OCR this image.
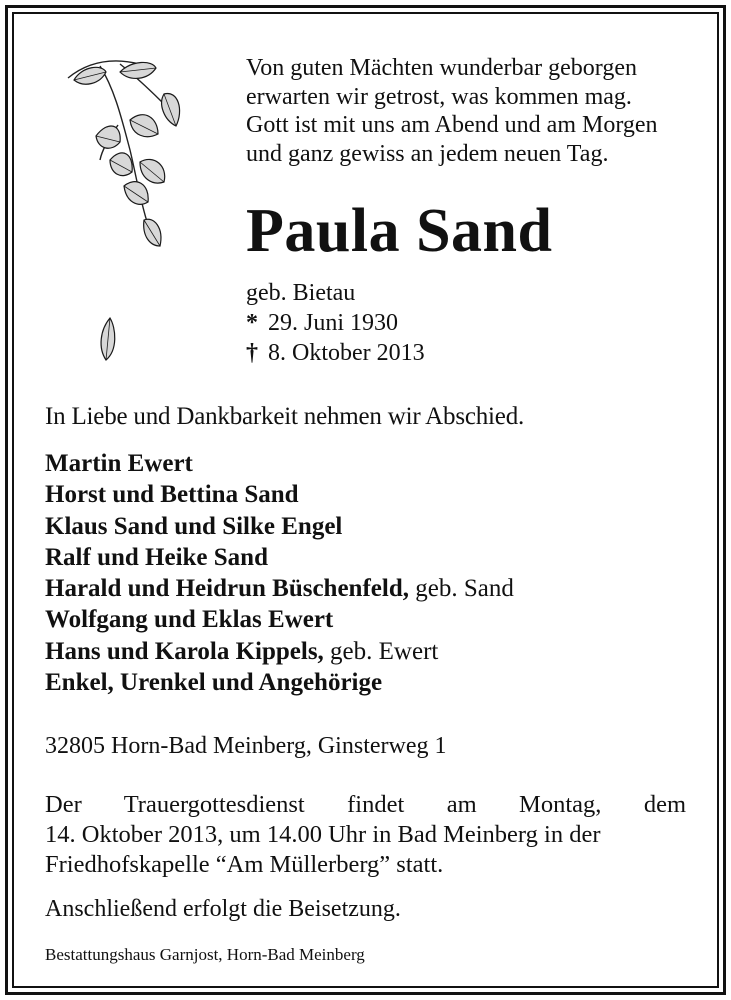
Von guten Mächten wunderbar geborgen
erwarten wir getrost, was kommen mag.
Gott ist mit uns am Abend und am Morgen
und ganz gewiss an jedem neuen Tag.
Paula Sand
geb. Bietau
* 29. Juni 1930
† 8. Oktober 2013
In Liebe und Dankbarkeit nehmen wir Abschied.
Martin Ewert
Horst und Bettina Sand
Klaus Sand und Silke Engel
Ralf und Heike Sand
Harald und Heidrun Büschenfeld, geb. Sand
Wolfgang und Eklas Ewert
Hans und Karola Kippels, geb. Ewert
Enkel, Urenkel und Angehörige
32805 Horn-Bad Meinberg, Ginsterweg 1
Der Trauergottesdienst findet am Montag, dem
14. Oktober 2013, um 14.00 Uhr in Bad Meinberg in der
Friedhofskapelle “Am Müllerberg” statt.
Anschließend erfolgt die Beisetzung.
Bestattungshaus Garnjost, Horn-Bad Meinberg
